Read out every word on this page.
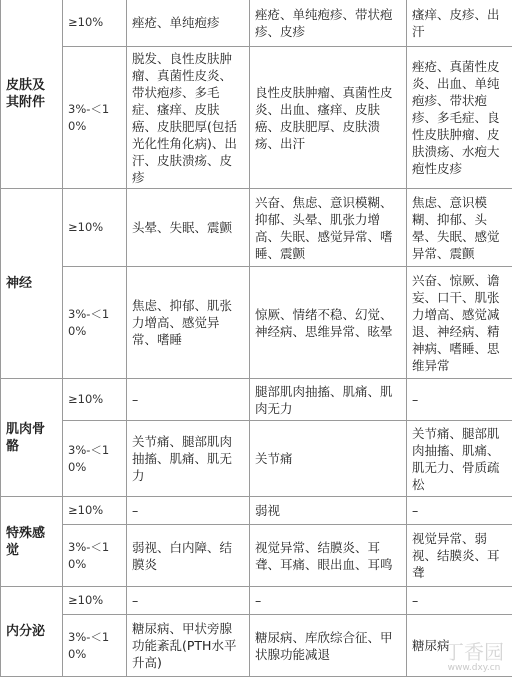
皮肤及其附件	≥10%	痤疮、单纯疱疹	痤疮、单纯疱疹、带状疱疹、皮疹	瘙痒、皮疹、出汗
	3%-＜10%	脱发、良性皮肤肿瘤、真菌性皮炎、带状疱疹、多毛症、瘙痒、皮肤癌、皮肤肥厚(包括光化性角化病)、出汗、皮肤溃疡、皮疹	良性皮肤肿瘤、真菌性皮炎、出血、瘙痒、皮肤癌、皮肤肥厚、皮肤溃疡、出汗	痤疮、真菌性皮炎、出血、单纯疱疹、带状疱疹、多毛症、良性皮肤肿瘤、皮肤溃疡、水疱大疱性皮疹
神经	≥10%	头晕、失眠、震颤	兴奋、焦虑、意识模糊、抑郁、头晕、肌张力增高、失眠、感觉异常、嗜睡、震颤	焦虑、意识模糊、抑郁、头晕、失眠、感觉异常、震颤
	3%-＜10%	焦虑、抑郁、肌张力增高、感觉异常、嗜睡	惊厥、情绪不稳、幻觉、神经病、思维异常、眩晕	兴奋、惊厥、谵妄、口干、肌张力增高、感觉减退、神经病、精神病、嗜睡、思维异常
肌肉骨骼	≥10%	–	腿部肌肉抽搐、肌痛、肌肉无力	–
	3%-＜10%	关节痛、腿部肌肉抽搐、肌痛、肌无力	关节痛	关节痛、腿部肌肉抽搐、肌痛、肌无力、骨质疏松
特殊感觉	≥10%	–	弱视	–
	3%-＜10%	弱视、白内障、结膜炎	视觉异常、结膜炎、耳聋、耳痛、眼出血、耳鸣	视觉异常、弱视、结膜炎、耳聋
内分泌	≥10%	–	–	–
	3%-＜10%	糖尿病、甲状旁腺功能紊乱(PTH水平升高)	糖尿病、库欣综合征、甲状腺功能减退	糖尿病
丁香园
www.dxy.cn
